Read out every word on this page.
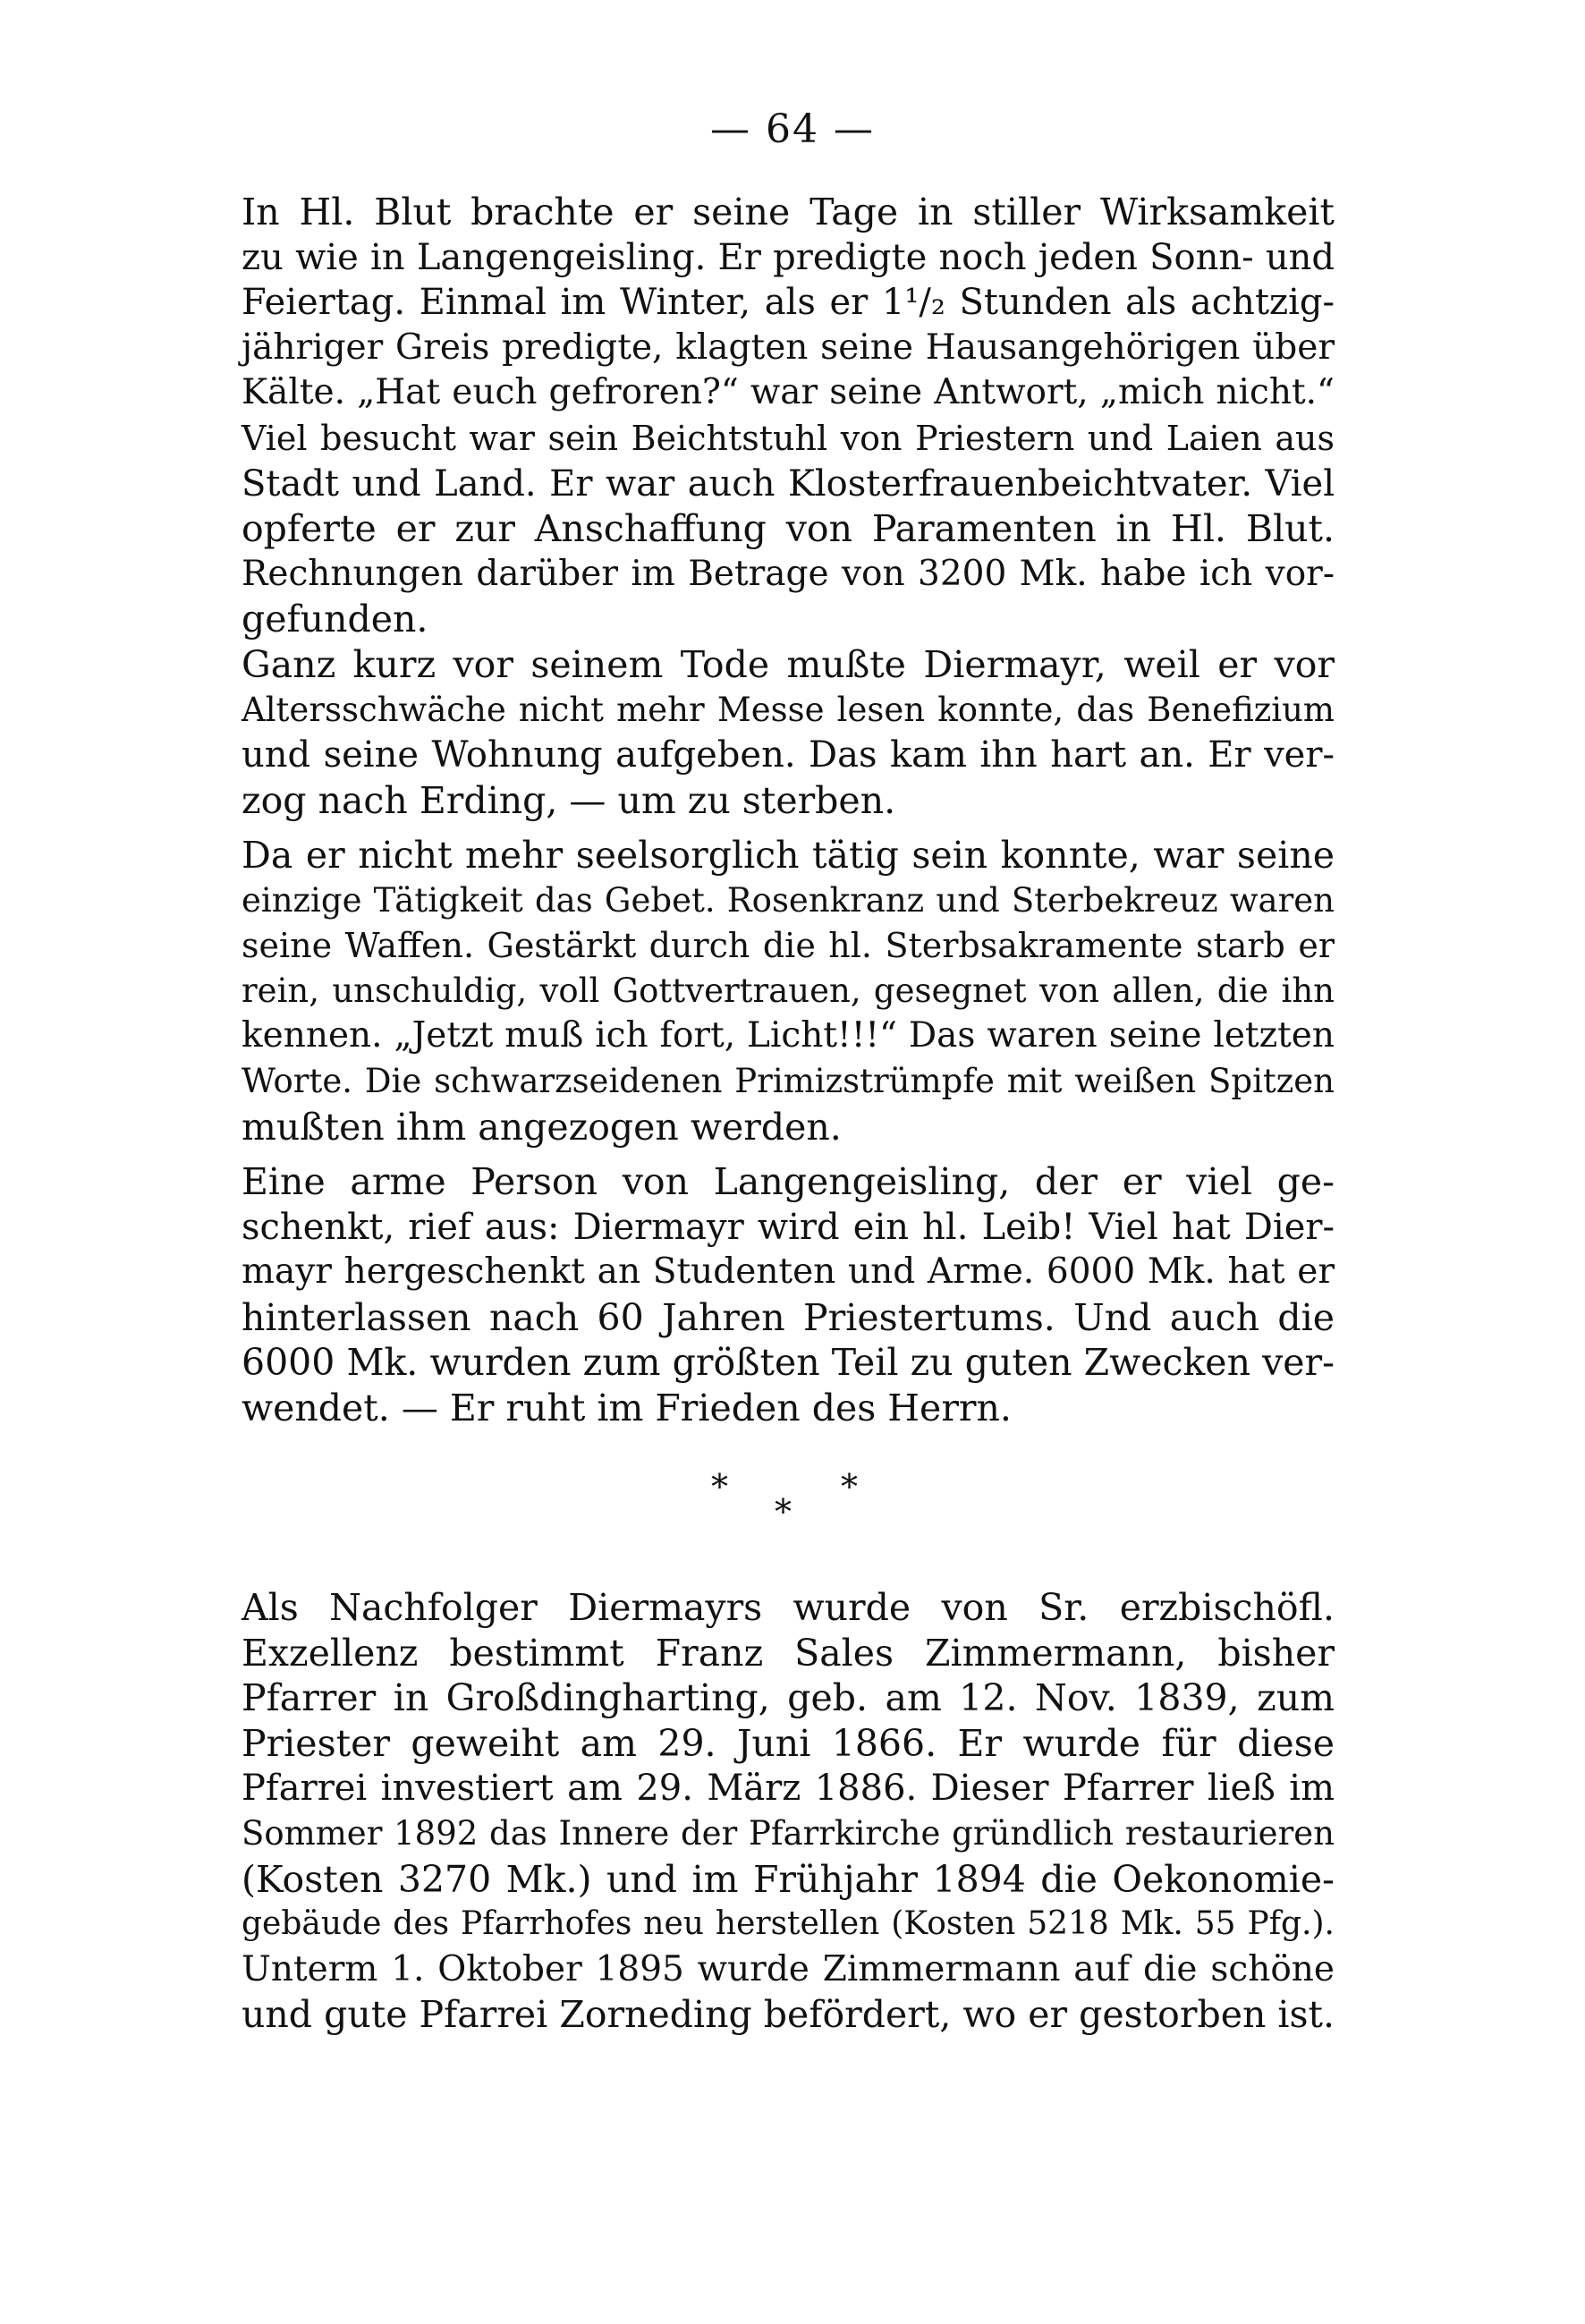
— 64 —
In Hl. Blut brachte er seine Tage in stiller Wirksamkeit
zu wie in Langengeisling. Er predigte noch jeden Sonn- und
Feiertag. Einmal im Winter, als er 1¹/₂ Stunden als achtzig-
jähriger Greis predigte, klagten seine Hausangehörigen über
Kälte. „Hat euch gefroren?“ war seine Antwort, „mich nicht.“
Viel besucht war sein Beichtstuhl von Priestern und Laien aus
Stadt und Land. Er war auch Klosterfrauenbeichtvater. Viel
opferte er zur Anschaffung von Paramenten in Hl. Blut.
Rechnungen darüber im Betrage von 3200 Mk. habe ich vor-
gefunden.
Ganz kurz vor seinem Tode mußte Diermayr, weil er vor
Altersschwäche nicht mehr Messe lesen konnte, das Benefizium
und seine Wohnung aufgeben. Das kam ihn hart an. Er ver-
zog nach Erding, — um zu sterben.
Da er nicht mehr seelsorglich tätig sein konnte, war seine
einzige Tätigkeit das Gebet. Rosenkranz und Sterbekreuz waren
seine Waffen. Gestärkt durch die hl. Sterbsakramente starb er
rein, unschuldig, voll Gottvertrauen, gesegnet von allen, die ihn
kennen. „Jetzt muß ich fort, Licht!!!“ Das waren seine letzten
Worte. Die schwarzseidenen Primizstrümpfe mit weißen Spitzen
mußten ihm angezogen werden.
Eine arme Person von Langengeisling, der er viel ge-
schenkt, rief aus: Diermayr wird ein hl. Leib! Viel hat Dier-
mayr hergeschenkt an Studenten und Arme. 6000 Mk. hat er
hinterlassen nach 60 Jahren Priestertums. Und auch die
6000 Mk. wurden zum größten Teil zu guten Zwecken ver-
wendet. — Er ruht im Frieden des Herrn.
*	*
*
Als Nachfolger Diermayrs wurde von Sr. erzbischöfl.
Exzellenz bestimmt Franz Sales Zimmermann, bisher
Pfarrer in Großdingharting, geb. am 12. Nov. 1839, zum
Priester geweiht am 29. Juni 1866. Er wurde für diese
Pfarrei investiert am 29. März 1886. Dieser Pfarrer ließ im
Sommer 1892 das Innere der Pfarrkirche gründlich restaurieren
(Kosten 3270 Mk.) und im Frühjahr 1894 die Oekonomie-
gebäude des Pfarrhofes neu herstellen (Kosten 5218 Mk. 55 Pfg.).
Unterm 1. Oktober 1895 wurde Zimmermann auf die schöne
und gute Pfarrei Zorneding befördert, wo er gestorben ist.
